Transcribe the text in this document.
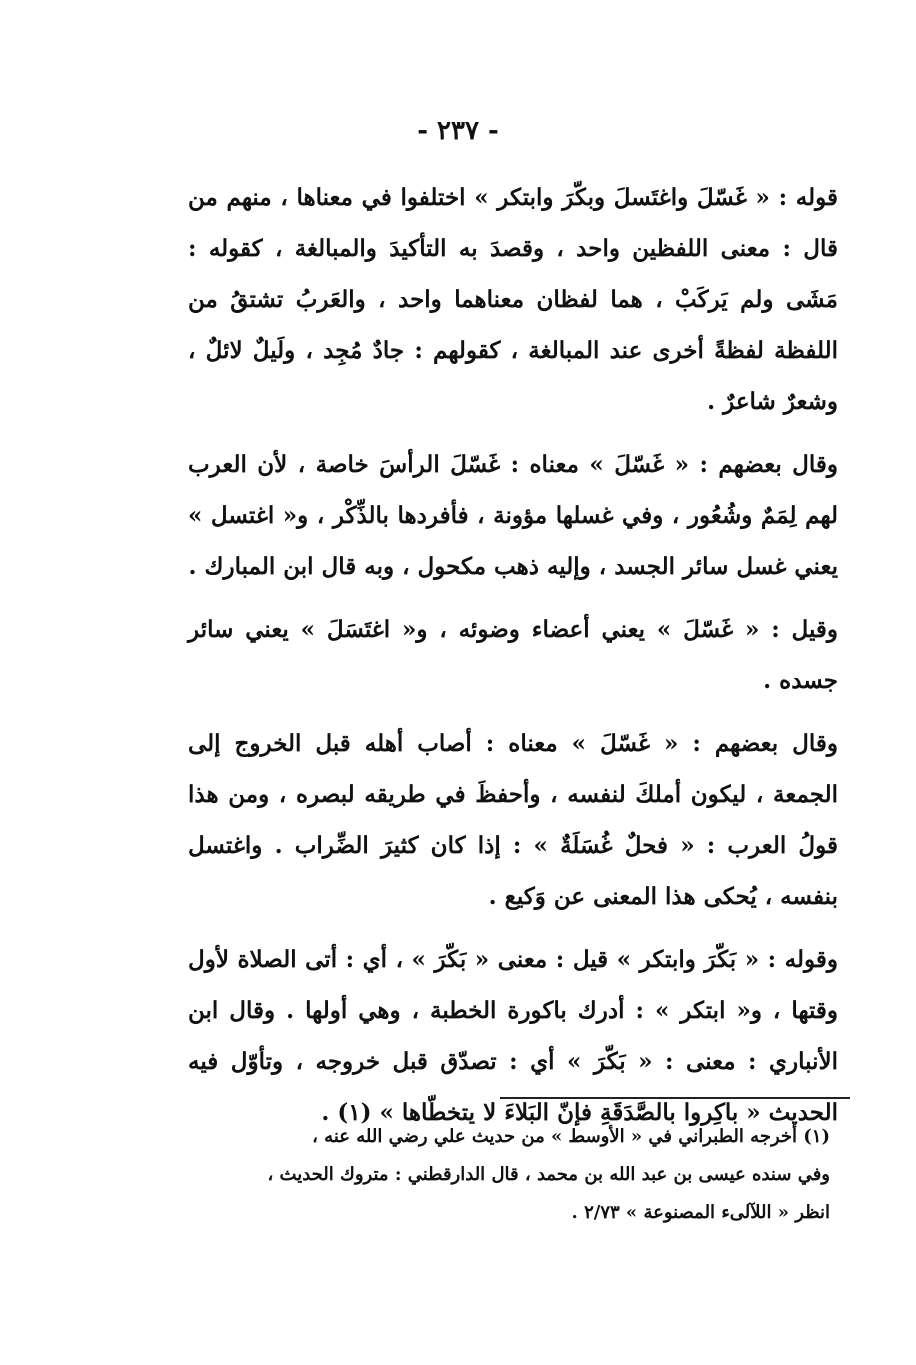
- ٢٣٧ -

قوله : « غَسّلَ واغتَسلَ وبكّرَ وابتكر » اختلفوا في معناها ، منهم من قال : معنى اللفظين واحد ، وقصدَ به التأكيدَ والمبالغة ، كقوله : مَشَى ولم يَركَبْ ، هما لفظان معناهما واحد ، والعَربُ تشتقُ من اللفظة لفظةً أخرى عند المبالغة ، كقولهم : جادٌ مُجِد ، ولَيلٌ لائلٌ ، وشعرٌ شاعرٌ .

وقال بعضهم : « غَسّلَ » معناه : غَسّلَ الرأسَ خاصة ، لأن العرب لهم لِمَمٌ وشُعُور ، وفي غسلها مؤونة ، فأفردها بالذِّكْر ، و« اغتسل » يعني غسل سائر الجسد ، وإليه ذهب مكحول ، وبه قال ابن المبارك .

وقيل : « غَسّلَ » يعني أعضاء وضوئه ، و« اغتَسَلَ » يعني سائر جسده .

وقال بعضهم : « غَسّلَ » معناه : أصاب أهله قبل الخروج إلى الجمعة ، ليكون أملكَ لنفسه ، وأحفظَ في طريقه لبصره ، ومن هذا قولُ العرب : « فحلٌ غُسَلَةٌ » : إذا كان كثيرَ الضِّراب . واغتسل بنفسه ، يُحكى هذا المعنى عن وَكيع .

وقوله : « بَكّرَ وابتكر » قيل : معنى « بَكّرَ » ، أي : أتى الصلاة لأول وقتها ، و« ابتكر » : أدرك باكورة الخطبة ، وهي أولها . وقال ابن الأنباري : معنى : « بَكّرَ » أي : تصدّق قبل خروجه ، وتأوّل فيه الحديث « باكِروا بالصَّدَقَةِ فإنّ البَلاءَ لا يتخطّاها » (١) .

(١) أخرجه الطبراني في « الأوسط » من حديث علي رضي الله عنه ،

وفي سنده عيسى بن عبد الله بن محمد ، قال الدارقطني : متروك الحديث ،

انظر « اللآلىء المصنوعة » ٢/٧٣ .
